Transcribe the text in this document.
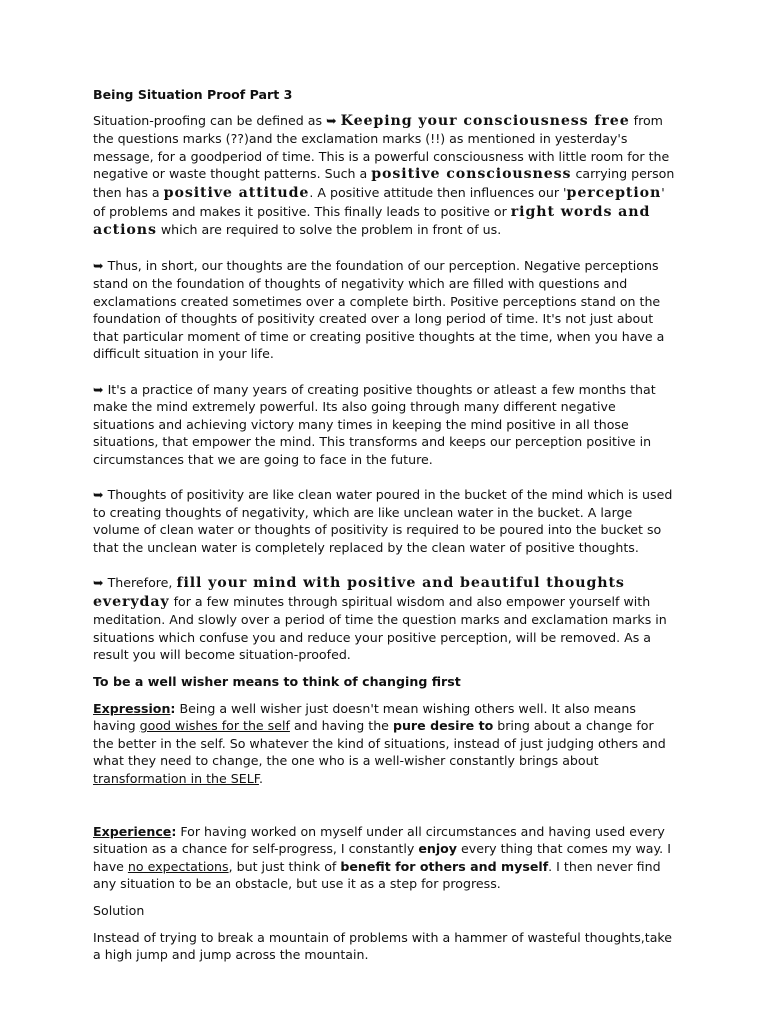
Being Situation Proof Part 3

Situation-proofing can be defined as ➥ Keeping your consciousness free from the questions marks (??)and the exclamation marks (!!) as mentioned in yesterday's message, for a goodperiod of time. This is a powerful consciousness with little room for the negative or waste thought patterns. Such a positive consciousness carrying person then has a positive attitude. A positive attitude then influences our 'perception' of problems and makes it positive. This finally leads to positive or right words and actions which are required to solve the problem in front of us.

➥ Thus, in short, our thoughts are the foundation of our perception. Negative perceptions stand on the foundation of thoughts of negativity which are filled with questions and exclamations created sometimes over a complete birth. Positive perceptions stand on the foundation of thoughts of positivity created over a long period of time. It's not just about that particular moment of time or creating positive thoughts at the time, when you have a difficult situation in your life.

➥ It's a practice of many years of creating positive thoughts or atleast a few months that make the mind extremely powerful. Its also going through many different negative situations and achieving victory many times in keeping the mind positive in all those situations, that empower the mind. This transforms and keeps our perception positive in circumstances that we are going to face in the future.

➥ Thoughts of positivity are like clean water poured in the bucket of the mind which is used to creating thoughts of negativity, which are like unclean water in the bucket. A large volume of clean water or thoughts of positivity is required to be poured into the bucket so that the unclean water is completely replaced by the clean water of positive thoughts.

➥ Therefore, fill your mind with positive and beautiful thoughts everyday for a few minutes through spiritual wisdom and also empower yourself with meditation. And slowly over a period of time the question marks and exclamation marks in situations which confuse you and reduce your positive perception, will be removed. As a result you will become situation-proofed.

To be a well wisher means to think of changing first

Expression: Being a well wisher just doesn't mean wishing others well. It also means having good wishes for the self and having the pure desire to bring about a change for the better in the self. So whatever the kind of situations, instead of just judging others and what they need to change, the one who is a well-wisher constantly brings about transformation in the SELF.

Experience: For having worked on myself under all circumstances and having used every situation as a chance for self-progress, I constantly enjoy every thing that comes my way. I have no expectations, but just think of benefit for others and myself. I then never find any situation to be an obstacle, but use it as a step for progress.

Solution

Instead of trying to break a mountain of problems with a hammer of wasteful thoughts,take a high jump and jump across the mountain.
